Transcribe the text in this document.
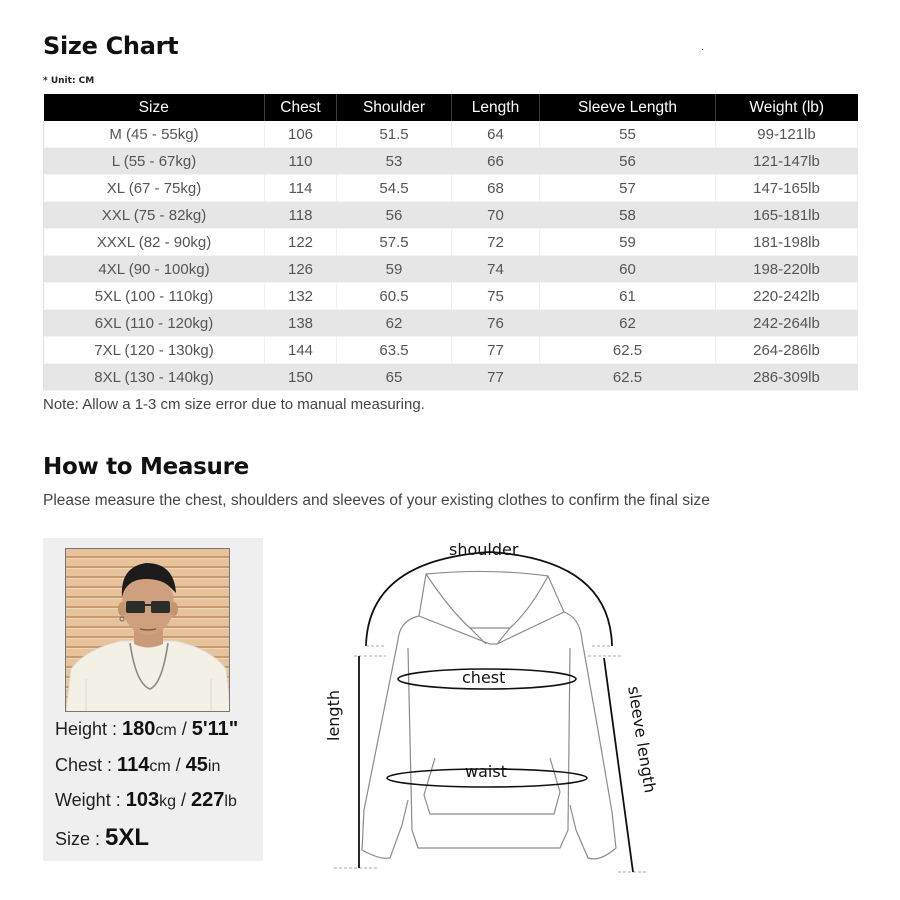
Size Chart
* Unit: CM
Size	Chest	Shoulder	Length	Sleeve Length	Weight (lb)
M (45 - 55kg)	106	51.5	64	55	99-121lb
L (55 - 67kg)	110	53	66	56	121-147lb
XL (67 - 75kg)	114	54.5	68	57	147-165lb
XXL (75 - 82kg)	118	56	70	58	165-181lb
XXXL (82 - 90kg)	122	57.5	72	59	181-198lb
4XL (90 - 100kg)	126	59	74	60	198-220lb
5XL (100 - 110kg)	132	60.5	75	61	220-242lb
6XL (110 - 120kg)	138	62	76	62	242-264lb
7XL (120 - 130kg)	144	63.5	77	62.5	264-286lb
8XL (130 - 140kg)	150	65	77	62.5	286-309lb
Note: Allow a 1-3 cm size error due to manual measuring.
How to Measure
Please measure the chest, shoulders and sleeves of your existing clothes to confirm the final size
Height : 180cm / 5'11"
Chest : 114cm / 45in
Weight : 103kg / 227lb
Size : 5XL
shoulder
chest
waist
length	sleeve length
